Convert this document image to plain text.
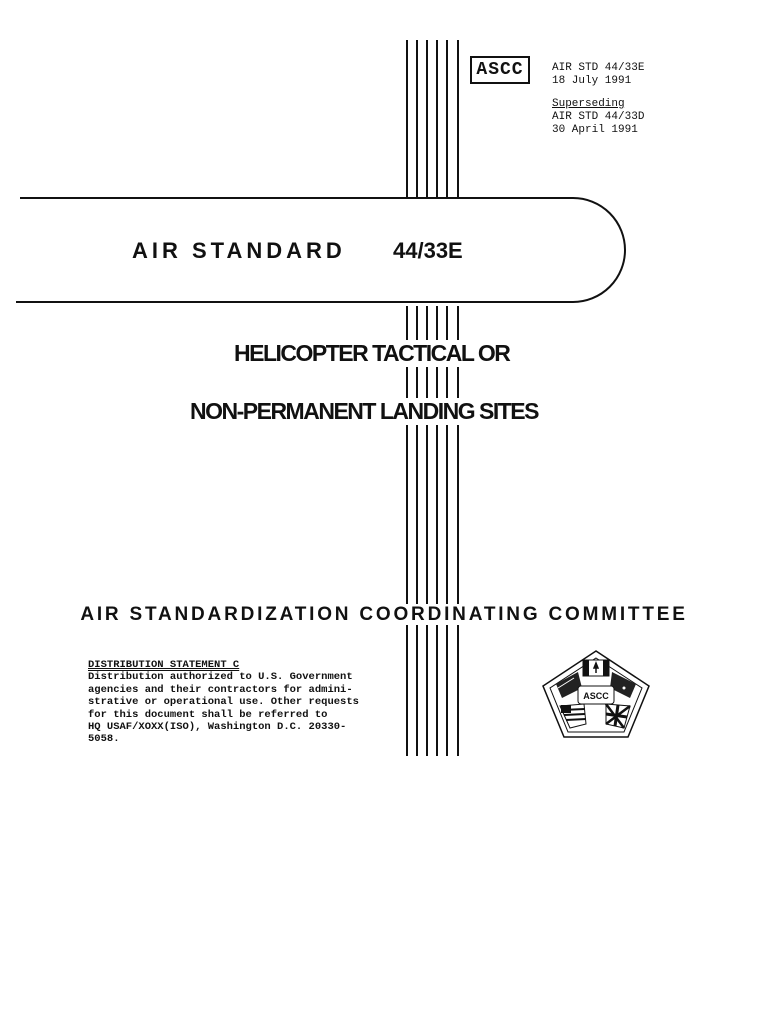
ASCC	AIR STD 44/33E
18 July 1991
Superseding
AIR STD 44/33D
30 April 1991
AIR STANDARD 44/33E
HELICOPTER TACTICAL OR
NON-PERMANENT LANDING SITES
AIR STANDARDIZATION COORDINATING COMMITTEE
DISTRIBUTION STATEMENT C
Distribution authorized to U.S. Government
agencies and their contractors for admini-
strative or operational use. Other requests
for this document shall be referred to
HQ USAF/XOXX(ISO), Washington D.C. 20330-
5058.
ASCC
